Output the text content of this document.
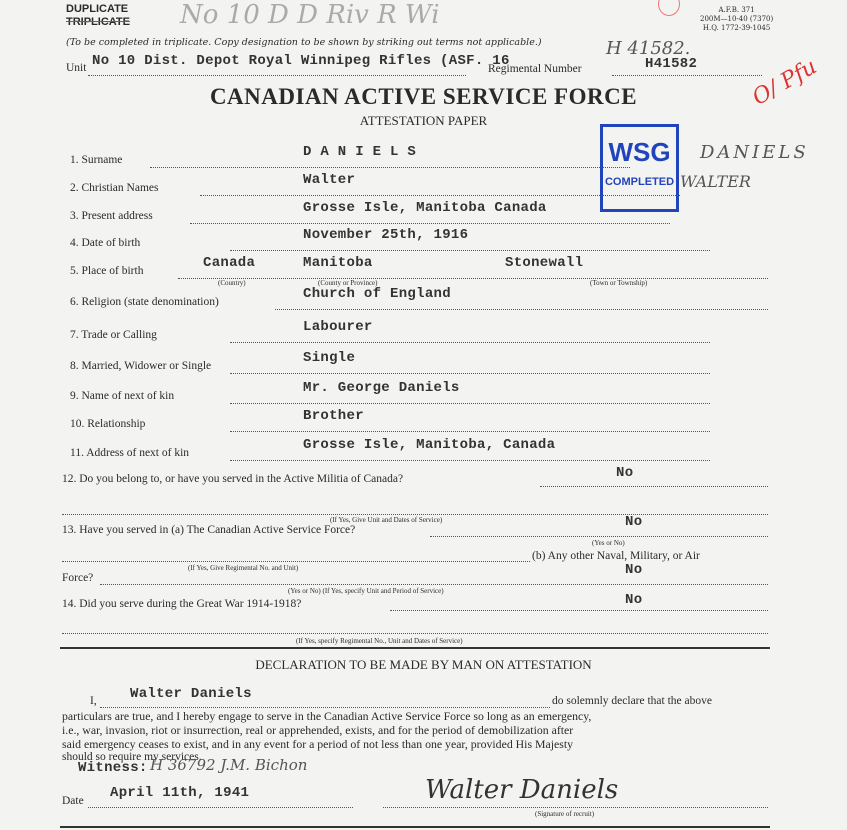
DUPLICATE
TRIPLICATE No 10 D D Riv R Wi	A.F.B. 371
200M—10-40 (7370)
H.Q. 1772-39-1045
(To be completed in triplicate. Copy designation to be shown by striking out terms not applicable.)	H 41582.
Unit No 10 Dist. Depot Royal Winnipeg Rifles (ASF. 16
Regimental Number	H41582 O/ Pfu
CANADIAN ACTIVE SERVICE FORCE
ATTESTATION PAPER
WSG
COMPLETED
DANIELS
WALTER
1. Surname	D A N I E L S
2. Christian Names	Walter
3. Present address	Grosse Isle, Manitoba Canada
4. Date of birth	November 25th, 1916
5. Place of birth	Canada	Manitoba	Stonewall
(Country)	(County or Province)	(Town or Township)
6. Religion (state denomination)	Church of England
7. Trade or Calling	Labourer
8. Married, Widower or Single	Single
9. Name of next of kin	Mr. George Daniels
10. Relationship	Brother
11. Address of next of kin	Grosse Isle, Manitoba, Canada
12. Do you belong to, or have you served in the Active Militia of Canada?	No
(If Yes, Give Unit and Dates of Service)
13. Have you served in (a) The Canadian Active Service Force?	No
(Yes or No)
(b) Any other Naval, Military, or Air
(If Yes, Give Regimental No. and Unit)
Force?	No
(Yes or No) (If Yes, specify Unit and Period of Service)
14. Did you serve during the Great War 1914-1918?	No
(If Yes, specify Regimental No., Unit and Dates of Service)
DECLARATION TO BE MADE BY MAN ON ATTESTATION
I, Walter Daniels	do solemnly declare that the above
particulars are true, and I hereby engage to serve in the Canadian Active Service Force so long as an emergency,
i.e., war, invasion, riot or insurrection, real or apprehended, exists, and for the period of demobilization after
said emergency ceases to exist, and in any event for a period of not less than one year, provided His Majesty
should so require my services.
Witness: H 36792 J.M. Bichon
Date April 11th, 1941	Walter Daniels
(Signature of recruit)
